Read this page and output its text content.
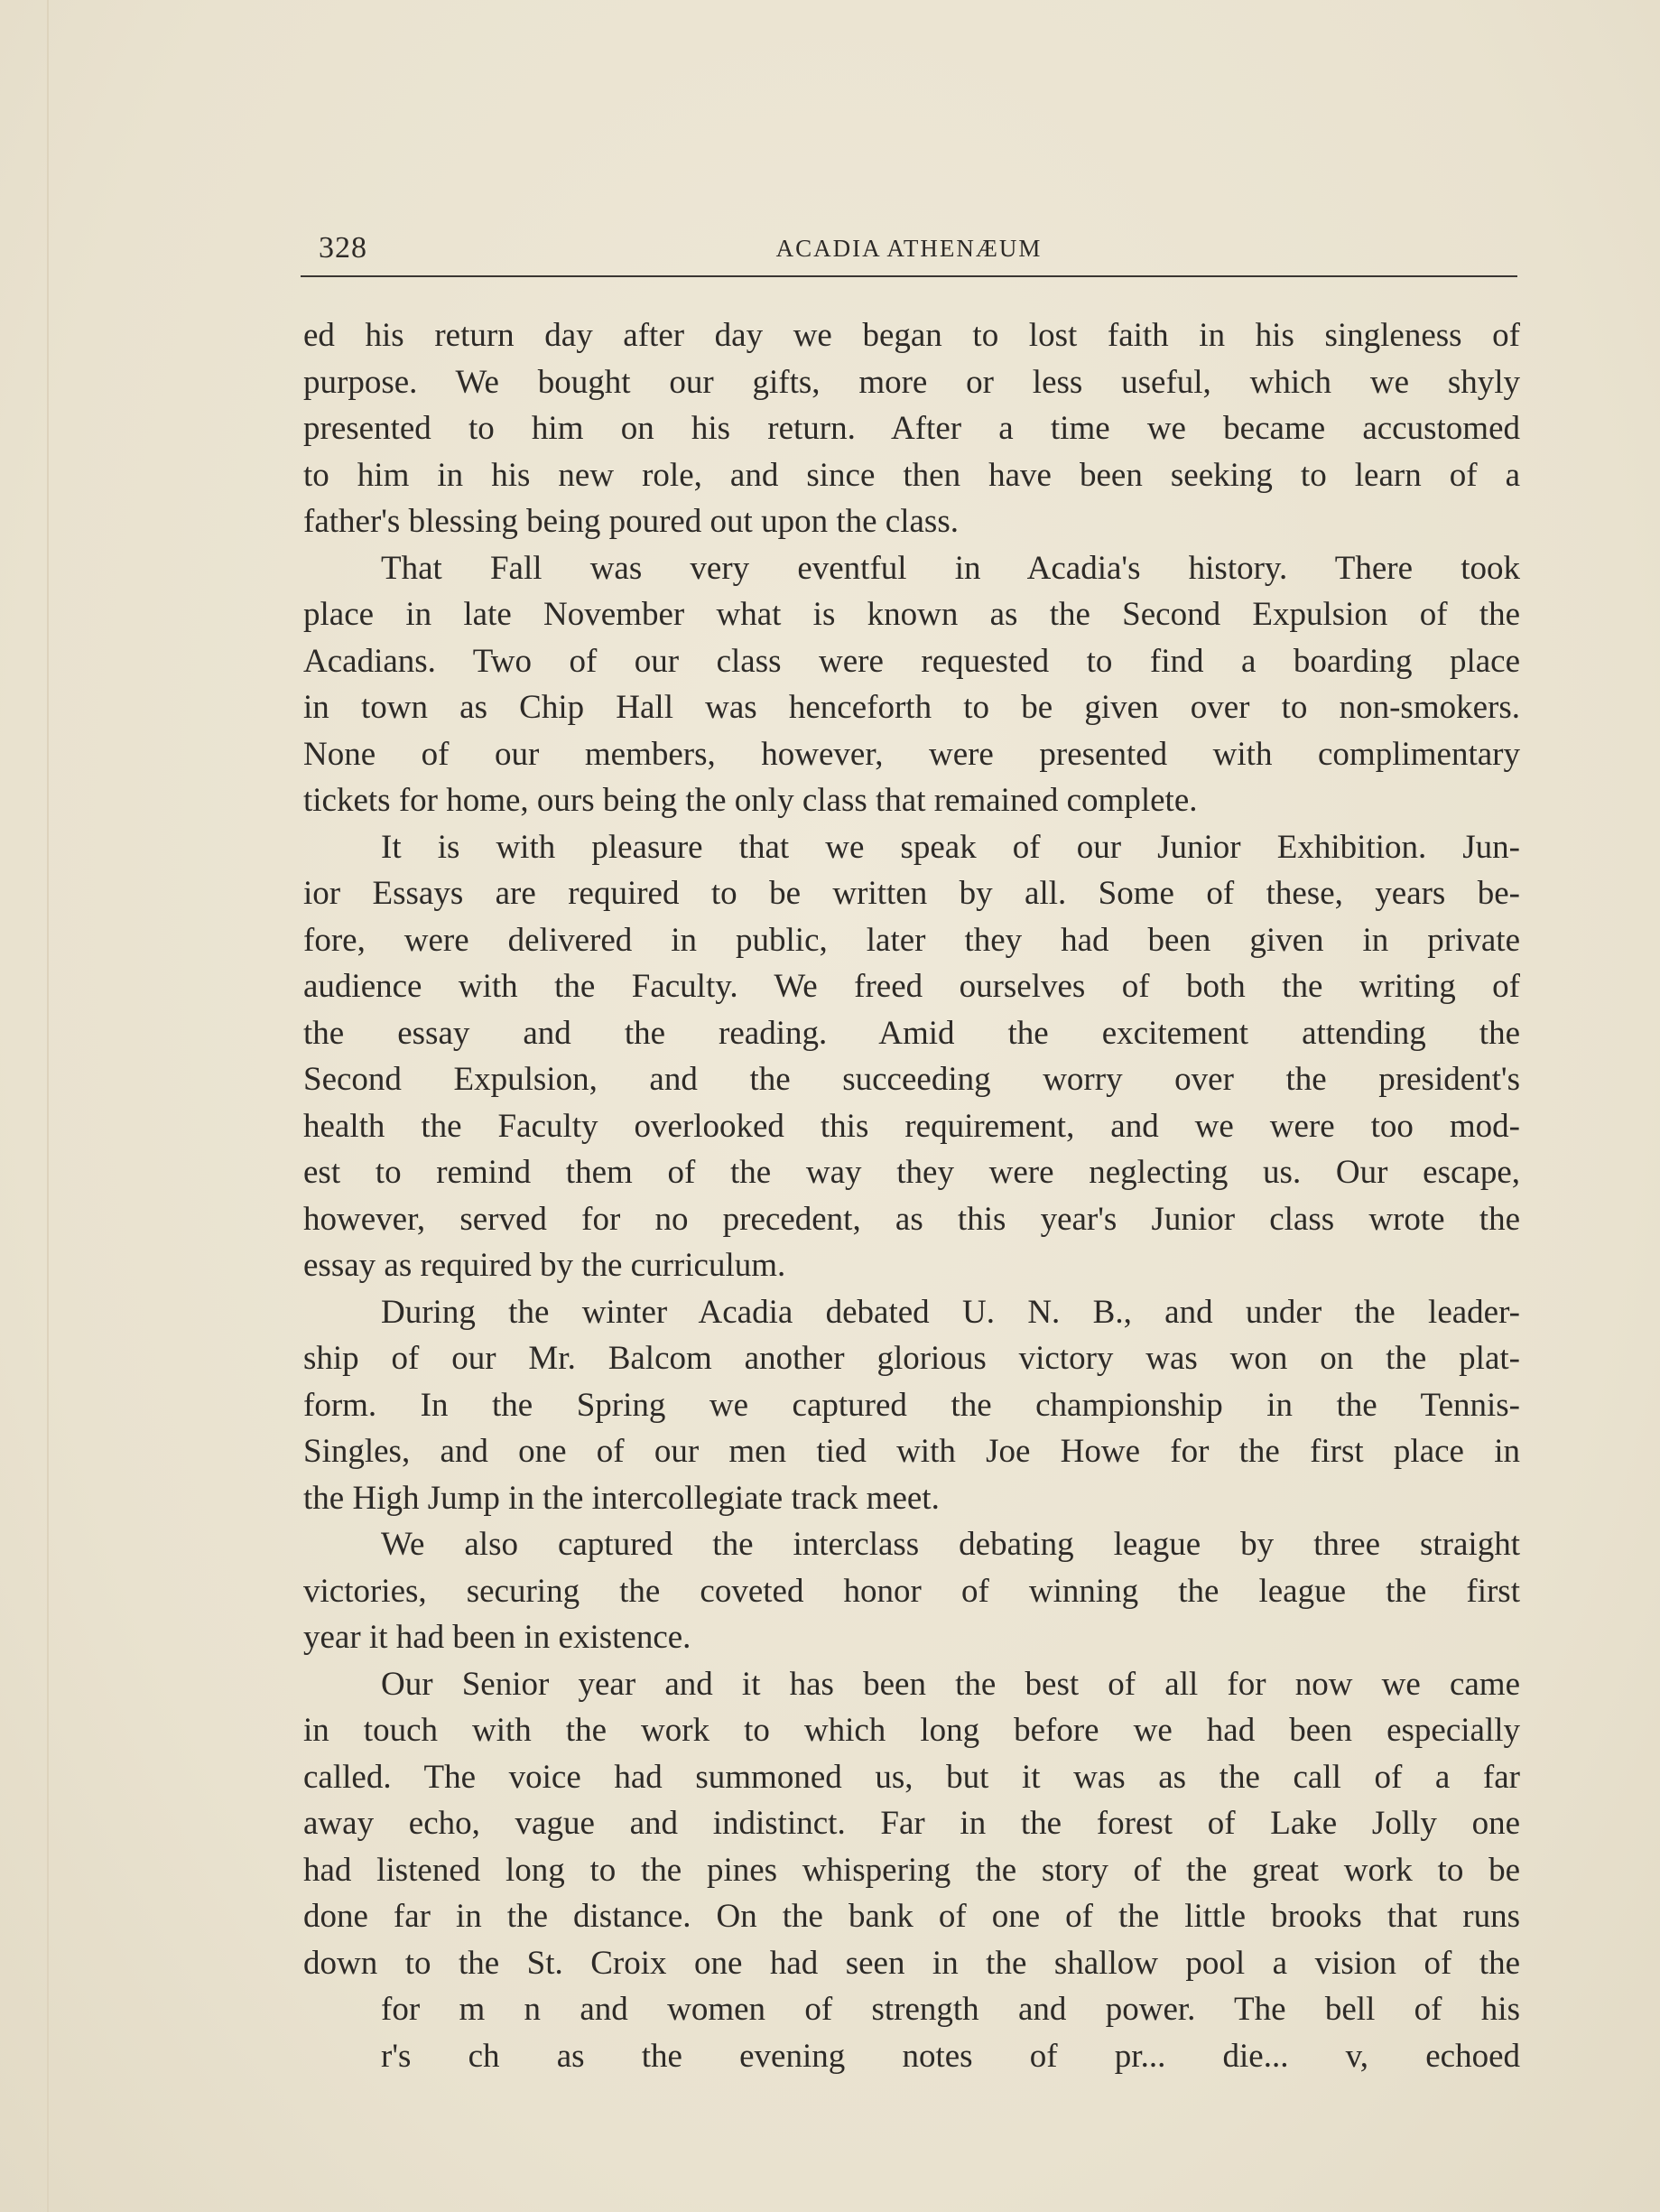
328	ACADIA ATHENÆUM
ed his return day after day we began to lost faith in his singleness of
purpose. We bought our gifts, more or less useful, which we shyly
presented to him on his return. After a time we became accustomed
to him in his new role, and since then have been seeking to learn of a
father's blessing being poured out upon the class.
That Fall was very eventful in Acadia's history. There took
place in late November what is known as the Second Expulsion of the
Acadians. Two of our class were requested to find a boarding place
in town as Chip Hall was henceforth to be given over to non-smokers.
None of our members, however, were presented with complimentary
tickets for home, ours being the only class that remained complete.
It is with pleasure that we speak of our Junior Exhibition. Jun-
ior Essays are required to be written by all. Some of these, years be-
fore, were delivered in public, later they had been given in private
audience with the Faculty. We freed ourselves of both the writing of
the essay and the reading. Amid the excitement attending the
Second Expulsion, and the succeeding worry over the president's
health the Faculty overlooked this requirement, and we were too mod-
est to remind them of the way they were neglecting us. Our escape,
however, served for no precedent, as this year's Junior class wrote the
essay as required by the curriculum.
During the winter Acadia debated U. N. B., and under the leader-
ship of our Mr. Balcom another glorious victory was won on the plat-
form. In the Spring we captured the championship in the Tennis-
Singles, and one of our men tied with Joe Howe for the first place in
the High Jump in the intercollegiate track meet.
We also captured the interclass debating league by three straight
victories, securing the coveted honor of winning the league the first
year it had been in existence.
Our Senior year and it has been the best of all for now we came
in touch with the work to which long before we had been especially
called. The voice had summoned us, but it was as the call of a far
away echo, vague and indistinct. Far in the forest of Lake Jolly one
had listened long to the pines whispering the story of the great work to be
done far in the distance. On the bank of one of the little brooks that runs
down to the St. Croix one had seen in the shallow pool a vision of the
for m n and women of strength and power. The bell of his
r's ch as the evening notes of pr... die... v, echoed
